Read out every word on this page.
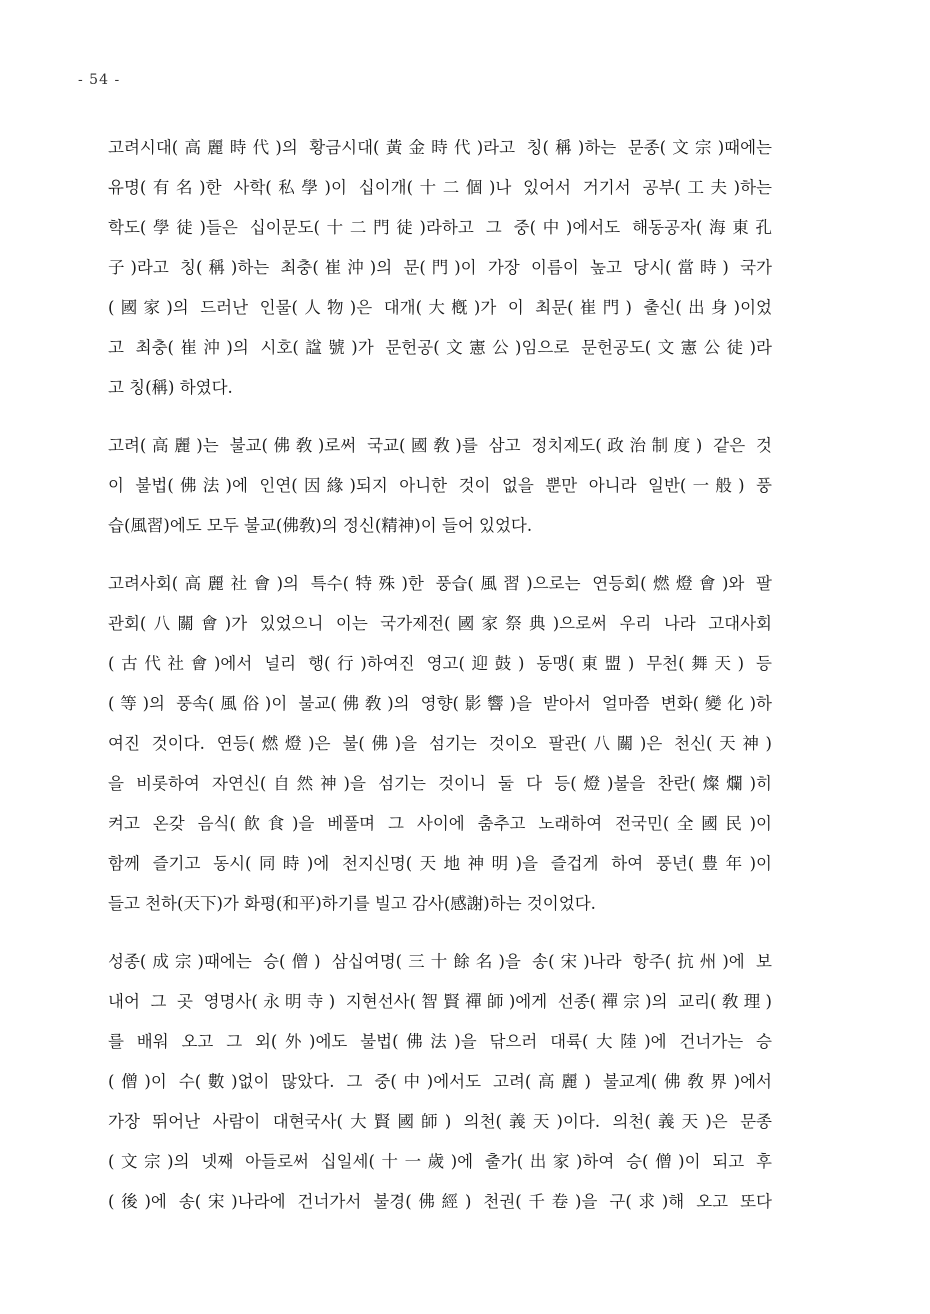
- 54 -
고려시대(高麗時代)의 황금시대(黃金時代)라고 칭(稱)하는 문종(文宗)때에는
유명(有名)한 사학(私學)이 십이개(十二個)나 있어서 거기서 공부(工夫)하는
학도(學徒)들은 십이문도(十二門徒)라하고 그 중(中)에서도 해동공자(海東孔
子)라고 칭(稱)하는 최충(崔沖)의 문(門)이 가장 이름이 높고 당시(當時) 국가
(國家)의 드러난 인물(人物)은 대개(大槪)가 이 최문(崔門) 출신(出身)이었
고 최충(崔沖)의 시호(諡號)가 문헌공(文憲公)임으로 문헌공도(文憲公徒)라
고 칭(稱) 하였다.
고려(高麗)는 불교(佛敎)로써 국교(國敎)를 삼고 정치제도(政治制度) 같은 것
이 불법(佛法)에 인연(因緣)되지 아니한 것이 없을 뿐만 아니라 일반(一般) 풍
습(風習)에도 모두 불교(佛敎)의 정신(精神)이 들어 있었다.
고려사회(高麗社會)의 특수(特殊)한 풍습(風習)으로는 연등회(燃燈會)와 팔
관회(八關會)가 있었으니 이는 국가제전(國家祭典)으로써 우리 나라 고대사회
(古代社會)에서 널리 행(行)하여진 영고(迎鼓) 동맹(東盟) 무천(舞天) 등
(等)의 풍속(風俗)이 불교(佛敎)의 영향(影響)을 받아서 얼마쯤 변화(變化)하
여진 것이다. 연등(燃燈)은 불(佛)을 섬기는 것이오 팔관(八關)은 천신(天神)
을 비롯하여 자연신(自然神)을 섬기는 것이니 둘 다 등(燈)불을 찬란(燦爛)히
켜고 온갖 음식(飮食)을 베풀며 그 사이에 춤추고 노래하여 전국민(全國民)이
함께 즐기고 동시(同時)에 천지신명(天地神明)을 즐겁게 하여 풍년(豊年)이
들고 천하(天下)가 화평(和平)하기를 빌고 감사(感謝)하는 것이었다.
성종(成宗)때에는 승(僧) 삼십여명(三十餘名)을 송(宋)나라 항주(抗州)에 보
내어 그 곳 영명사(永明寺) 지현선사(智賢禪師)에게 선종(禪宗)의 교리(敎理)
를 배워 오고 그 외(外)에도 불법(佛法)을 닦으러 대륙(大陸)에 건너가는 승
(僧)이 수(數)없이 많았다. 그 중(中)에서도 고려(高麗) 불교계(佛敎界)에서
가장 뛰어난 사람이 대현국사(大賢國師) 의천(義天)이다. 의천(義天)은 문종
(文宗)의 넷째 아들로써 십일세(十一歲)에 출가(出家)하여 승(僧)이 되고 후
(後)에 송(宋)나라에 건너가서 불경(佛經) 천권(千卷)을 구(求)해 오고 또다
